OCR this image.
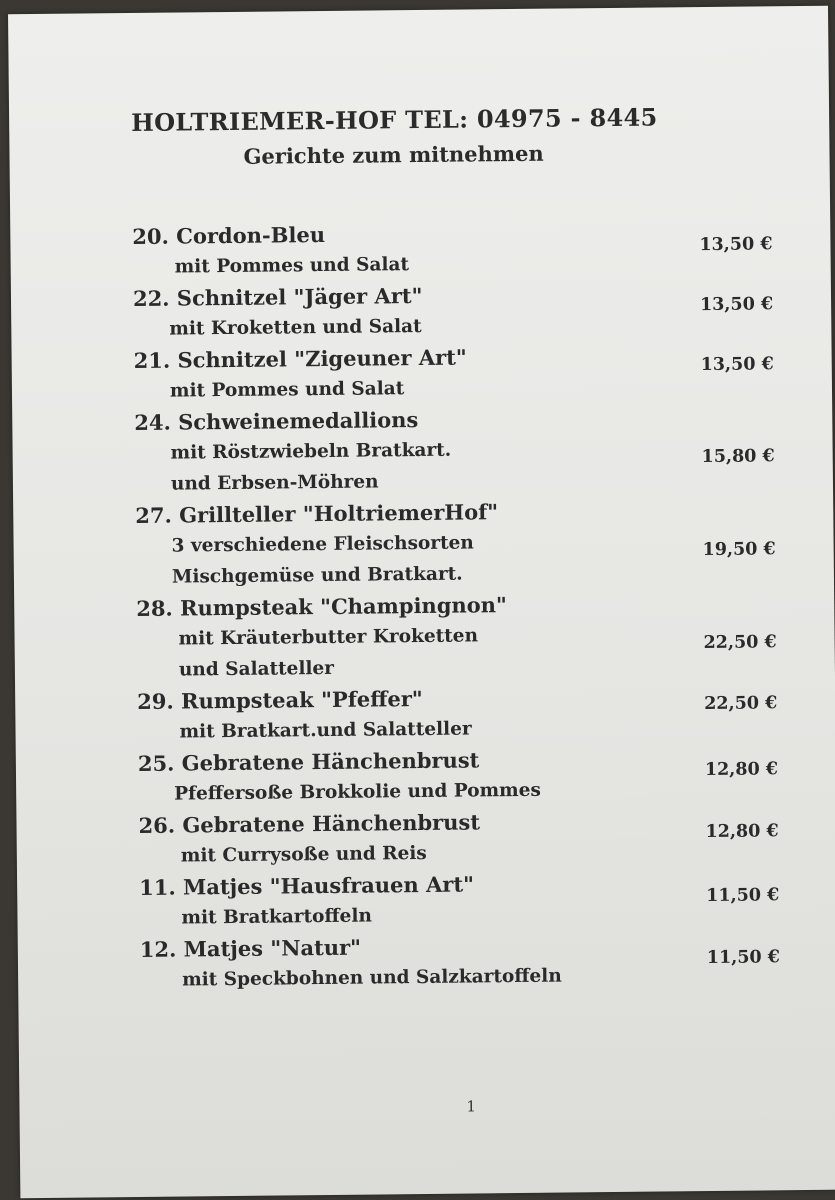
HOLTRIEMER-HOF TEL: 04975 - 8445
Gerichte zum mitnehmen
20. Cordon-Bleu
mit Pommes und Salat
13,50 €
22. Schnitzel "Jäger Art"
mit Kroketten und Salat
13,50 €
21. Schnitzel "Zigeuner Art"
mit Pommes und Salat
13,50 €
24. Schweinemedallions
mit Röstzwiebeln Bratkart.
und Erbsen-Möhren
15,80 €
27. Grillteller "HoltriemerHof"
3 verschiedene Fleischsorten
Mischgemüse und Bratkart.
19,50 €
28. Rumpsteak "Champingnon"
mit Kräuterbutter Kroketten
und Salatteller
22,50 €
29. Rumpsteak "Pfeffer"
mit Bratkart.und Salatteller
22,50 €
25. Gebratene Hänchenbrust
Pfeffersoße Brokkolie und Pommes
12,80 €
26. Gebratene Hänchenbrust
mit Currysoße und Reis
12,80 €
11. Matjes "Hausfrauen Art"
mit Bratkartoffeln
11,50 €
12. Matjes "Natur"
mit Speckbohnen und Salzkartoffeln
11,50 €
1
